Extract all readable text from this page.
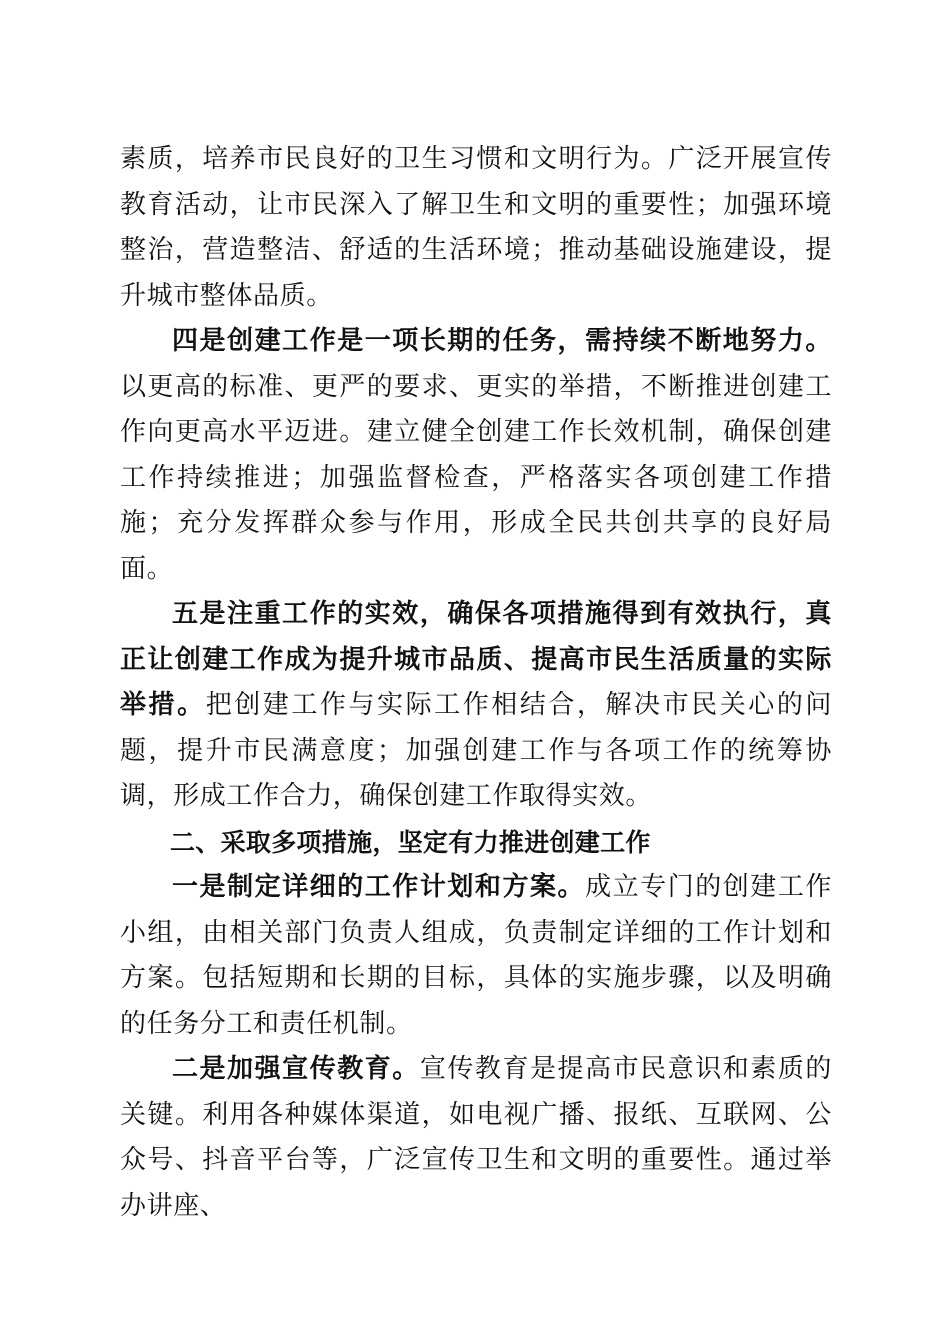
素质，培养市民良好的卫生习惯和文明行为。广泛开展宣传教育活动，让市民深入了解卫生和文明的重要性；加强环境整治，营造整洁、舒适的生活环境；推动基础设施建设，提升城市整体品质。

四是创建工作是一项长期的任务，需持续不断地努力。以更高的标准、更严的要求、更实的举措，不断推进创建工作向更高水平迈进。建立健全创建工作长效机制，确保创建工作持续推进；加强监督检查，严格落实各项创建工作措施；充分发挥群众参与作用，形成全民共创共享的良好局面。

五是注重工作的实效，确保各项措施得到有效执行，真正让创建工作成为提升城市品质、提高市民生活质量的实际举措。把创建工作与实际工作相结合，解决市民关心的问题，提升市民满意度；加强创建工作与各项工作的统筹协调，形成工作合力，确保创建工作取得实效。

二、采取多项措施，坚定有力推进创建工作

一是制定详细的工作计划和方案。成立专门的创建工作小组，由相关部门负责人组成，负责制定详细的工作计划和方案。包括短期和长期的目标，具体的实施步骤，以及明确的任务分工和责任机制。

二是加强宣传教育。宣传教育是提高市民意识和素质的关键。利用各种媒体渠道，如电视广播、报纸、互联网、公众号、抖音平台等，广泛宣传卫生和文明的重要性。通过举办讲座、
